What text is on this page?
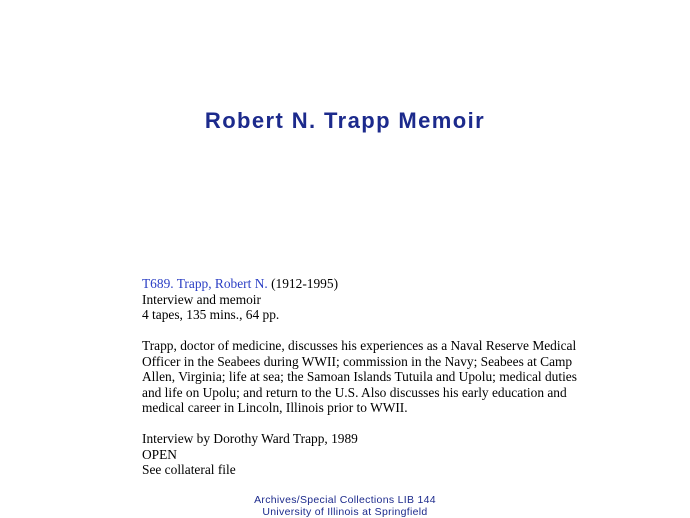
Robert N. Trapp Memoir

T689. Trapp, Robert N. (1912-1995)

Interview and memoir

4 tapes, 135 mins., 64 pp.

Trapp, doctor of medicine, discusses his experiences as a Naval Reserve Medical

Officer in the Seabees during WWII; commission in the Navy; Seabees at Camp

Allen, Virginia; life at sea; the Samoan Islands Tutuila and Upolu; medical duties

and life on Upolu; and return to the U.S. Also discusses his early education and

medical career in Lincoln, Illinois prior to WWII.

Interview by Dorothy Ward Trapp, 1989

OPEN

See collateral file

Archives/Special Collections LIB 144
University of Illinois at Springfield
